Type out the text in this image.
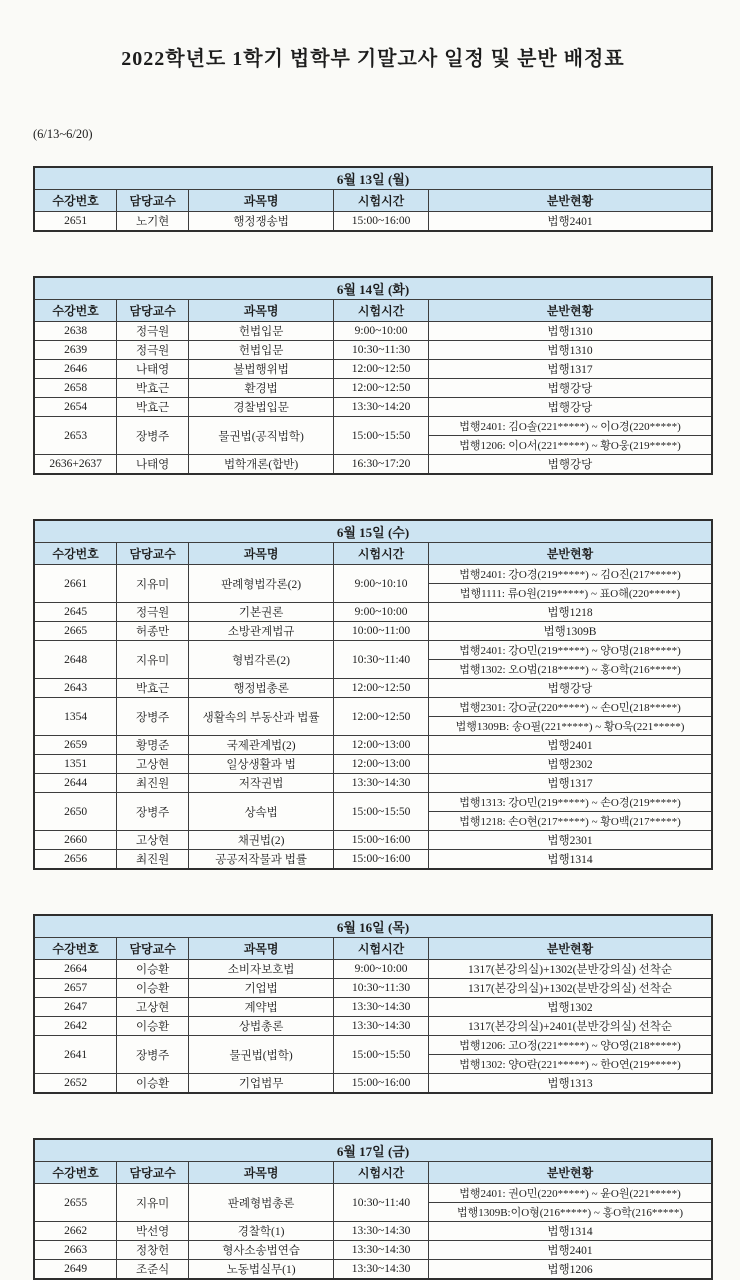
2022학년도 1학기 법학부 기말고사 일정 및 분반 배정표
(6/13~6/20)
6월 13일 (월)				
수강번호	담당교수	과목명	시험시간	분반현황
2651	노기현	행정쟁송법	15:00~16:00	법행2401
6월 14일 (화)				
수강번호	담당교수	과목명	시험시간	분반현황
2638	정극원	헌법입문	9:00~10:00	법행1310
2639	정극원	헌법입문	10:30~11:30	법행1310
2646	나태영	불법행위법	12:00~12:50	법행1317
2658	박효근	환경법	12:00~12:50	법행강당
2654	박효근	경찰법입문	13:30~14:20	법행강당
2653	장병주	물권법(공직법학)	15:00~15:50	법행2401: 김O솔(221*****) ~ 이O경(220*****)
				법행1206: 이O서(221*****) ~ 황O웅(219*****)
2636+2637	나태영	법학개론(합반)	16:30~17:20	법행강당
6월 15일 (수)				
수강번호	담당교수	과목명	시험시간	분반현황
2661	지유미	판례형법각론(2)	9:00~10:10	법행2401: 강O경(219*****) ~ 김O진(217*****)
				법행1111: 류O원(219*****) ~ 표O해(220*****)
2645	정극원	기본권론	9:00~10:00	법행1218
2665	허종만	소방관계법규	10:00~11:00	법행1309B
2648	지유미	형법각론(2)	10:30~11:40	법행2401: 강O민(219*****) ~ 양O명(218*****)
				법행1302: 오O범(218*****) ~ 홍O학(216*****)
2643	박효근	행정법총론	12:00~12:50	법행강당
1354	장병주	생활속의 부동산과 법률	12:00~12:50	법행2301: 강O균(220*****) ~ 손O민(218*****)
				법행1309B: 송O필(221*****) ~ 황O욱(221*****)
2659	황명준	국제관계법(2)	12:00~13:00	법행2401
1351	고상현	일상생활과 법	12:00~13:00	법행2302
2644	최진원	저작권법	13:30~14:30	법행1317
2650	장병주	상속법	15:00~15:50	법행1313: 강O민(219*****) ~ 손O경(219*****)
				법행1218: 손O현(217*****) ~ 황O백(217*****)
2660	고상현	채권법(2)	15:00~16:00	법행2301
2656	최진원	공공저작물과 법률	15:00~16:00	법행1314
6월 16일 (목)				
수강번호	담당교수	과목명	시험시간	분반현황
2664	이승환	소비자보호법	9:00~10:00	1317(본강의실)+1302(분반강의실) 선착순
2657	이승환	기업법	10:30~11:30	1317(본강의실)+1302(분반강의실) 선착순
2647	고상현	계약법	13:30~14:30	법행1302
2642	이승환	상법총론	13:30~14:30	1317(본강의실)+2401(분반강의실) 선착순
2641	장병주	물권법(법학)	15:00~15:50	법행1206: 고O정(221*****) ~ 양O영(218*****)
				법행1302: 양O란(221*****) ~ 한O연(219*****)
2652	이승환	기업법무	15:00~16:00	법행1313
6월 17일 (금)				
수강번호	담당교수	과목명	시험시간	분반현황
2655	지유미	판례형법총론	10:30~11:40	법행2401: 권O민(220*****) ~ 윤O원(221*****)
				법행1309B:이O형(216*****) ~ 홍O학(216*****)
2662	박선영	경찰학(1)	13:30~14:30	법행1314
2663	정창헌	형사소송법연습	13:30~14:30	법행2401
2649	조준식	노동법실무(1)	13:30~14:30	법행1206
